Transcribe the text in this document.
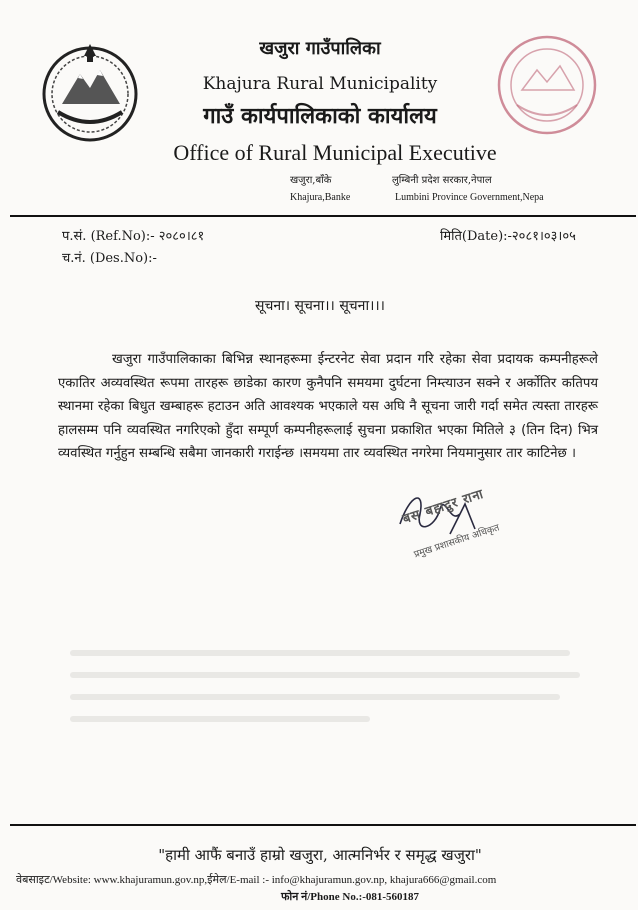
खजुरा गाउँपालिका
Khajura Rural Municipality
गाउँ कार्यपालिकाको कार्यालय
Office of Rural Municipal Executive
खजुरा,बाँके	लुम्बिनी प्रदेश सरकार,नेपाल
Khajura,Banke	Lumbini Province Government,Nepa
प.सं. (Ref.No):- २०८०।८१
च.नं. (Des.No):-
मिति(Date):-२०८१।०३।०५
सूचना। सूचना।। सूचना।।।
खजुरा गाउँपालिकाका बिभिन्न स्थानहरूमा ईन्टरनेट सेवा प्रदान गरि रहेका सेवा प्रदायक कम्पनीहरूले एकातिर अव्यवस्थित रूपमा तारहरू छाडेका कारण कुनैपनि समयमा दुर्घटना निम्त्याउन सक्ने र अर्कोतिर कतिपय स्थानमा रहेका बिधुत खम्बाहरू हटाउन अति आवश्यक भएकाले यस अघि नै सूचना जारी गर्दा समेत त्यस्ता तारहरू हालसम्म पनि व्यवस्थित नगरिएको हुँदा सम्पूर्ण कम्पनीहरूलाई सुचना प्रकाशित भएका मितिले ३ (तिन दिन) भित्र व्यवस्थित गर्नुहुन सम्बन्धि सबैमा जानकारी गराईन्छ ।समयमा तार व्यवस्थित नगरेमा नियमानुसार तार काटिनेछ ।
बस बहादुर राना
प्रमुख प्रशासकीय अधिकृत
"हामी आफैं बनाउँ हाम्रो खजुरा, आत्मनिर्भर र समृद्ध खजुरा"
वेबसाइट/Website: www.khajuramun.gov.np,ईमेल/E-mail :- info@khajuramun.gov.np, khajura666@gmail.com
फोन नं/Phone No.:-081-560187
